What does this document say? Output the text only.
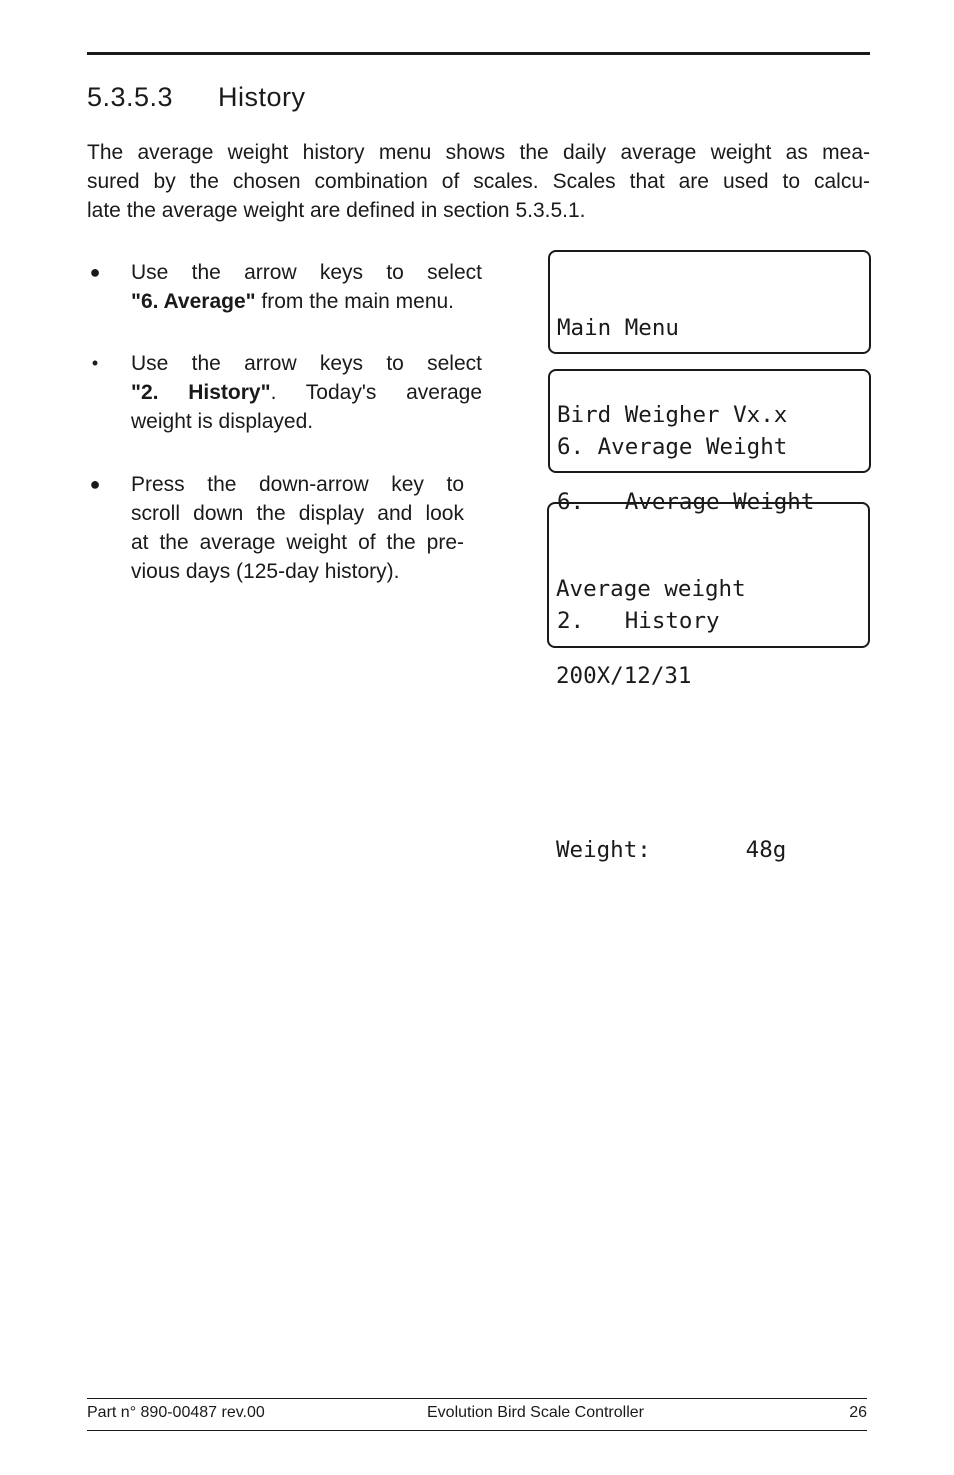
5.3.5.3 History
The average weight history menu shows the daily average weight as mea-
sured by the chosen combination of scales. Scales that are used to calcu-
late the average weight are defined in section 5.3.5.1.
● Use the arrow keys to select
"6. Average" from the main menu.
• Use the arrow keys to select
"2. History". Today's average
weight is displayed.
● Press the down-arrow key to
scroll down the display and look
at the average weight of the pre-
vious days (125-day history).

Main Menu

Bird Weigher Vx.x

6.   Average Weight

6. Average Weight

2.   History

Average weight

200X/12/31

Weight:       48g

Part n° 890-00487 rev.00	Evolution Bird Scale Controller	26
